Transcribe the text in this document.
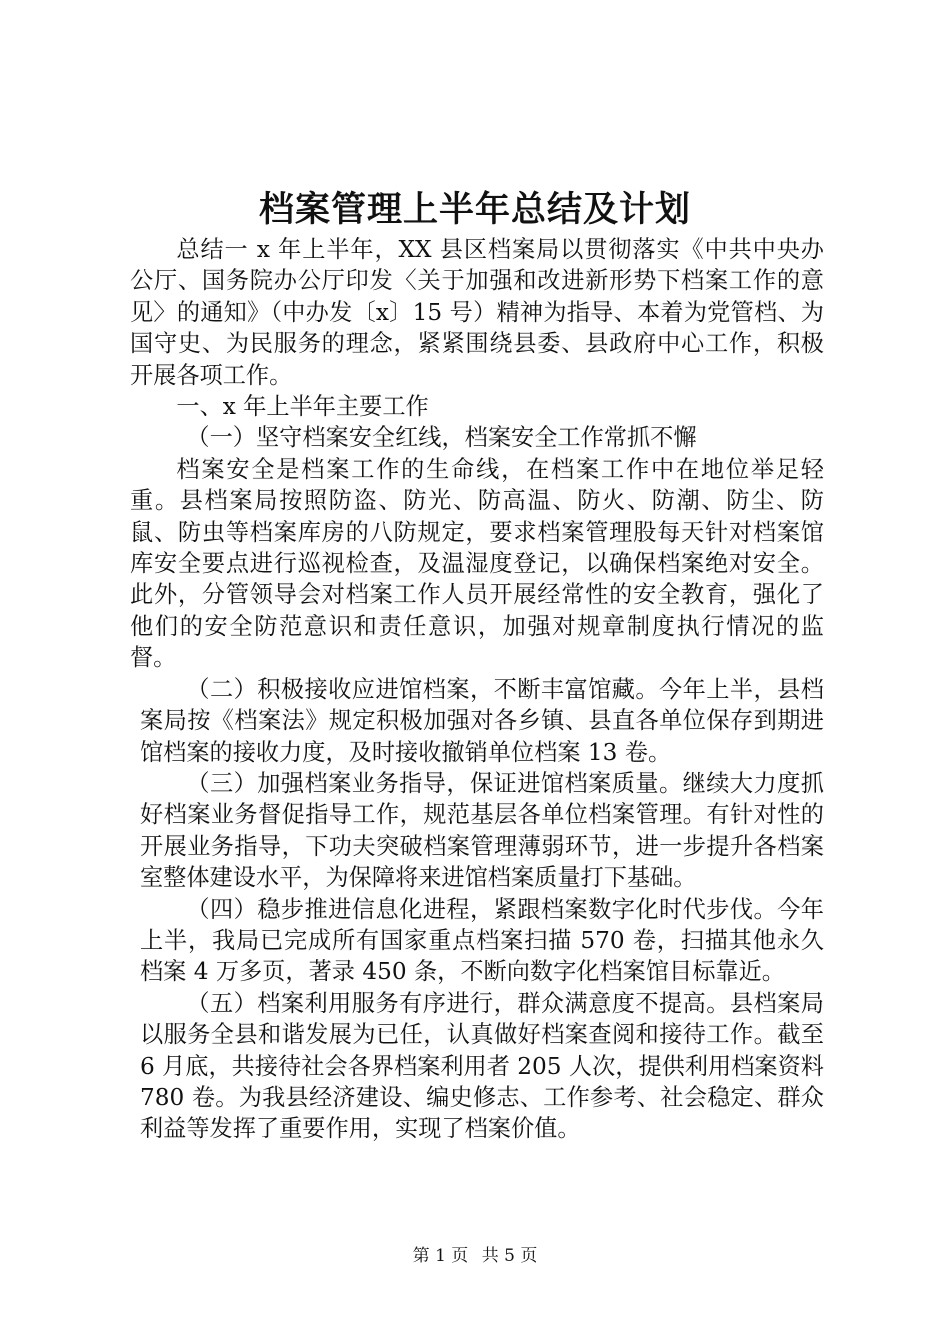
档案管理上半年总结及计划

总结一 x 年上半年，XX 县区档案局以贯彻落实《中共中央办公厅、国务院办公厅印发〈关于加强和改进新形势下档案工作的意见〉的通知》（中办发〔x〕15 号）精神为指导、本着为党管档、为国守史、为民服务的理念，紧紧围绕县委、县政府中心工作，积极开展各项工作。

一、x 年上半年主要工作

（一）坚守档案安全红线，档案安全工作常抓不懈

档案安全是档案工作的生命线，在档案工作中在地位举足轻重。县档案局按照防盗、防光、防高温、防火、防潮、防尘、防鼠、防虫等档案库房的八防规定，要求档案管理股每天针对档案馆库安全要点进行巡视检查，及温湿度登记，以确保档案绝对安全。此外，分管领导会对档案工作人员开展经常性的安全教育，强化了他们的安全防范意识和责任意识，加强对规章制度执行情况的监督。

（二）积极接收应进馆档案，不断丰富馆藏。今年上半，县档案局按《档案法》规定积极加强对各乡镇、县直各单位保存到期进馆档案的接收力度，及时接收撤销单位档案 13 卷。

（三）加强档案业务指导，保证进馆档案质量。继续大力度抓好档案业务督促指导工作，规范基层各单位档案管理。有针对性的开展业务指导，下功夫突破档案管理薄弱环节，进一步提升各档案室整体建设水平，为保障将来进馆档案质量打下基础。

（四）稳步推进信息化进程，紧跟档案数字化时代步伐。今年上半，我局已完成所有国家重点档案扫描 570 卷，扫描其他永久档案 4 万多页，著录 450 条，不断向数字化档案馆目标靠近。

（五）档案利用服务有序进行，群众满意度不提高。县档案局以服务全县和谐发展为已任，认真做好档案查阅和接待工作。截至 6 月底，共接待社会各界档案利用者 205 人次，提供利用档案资料 780 卷。为我县经济建设、编史修志、工作参考、社会稳定、群众利益等发挥了重要作用，实现了档案价值。

第 1 页 共 5 页
